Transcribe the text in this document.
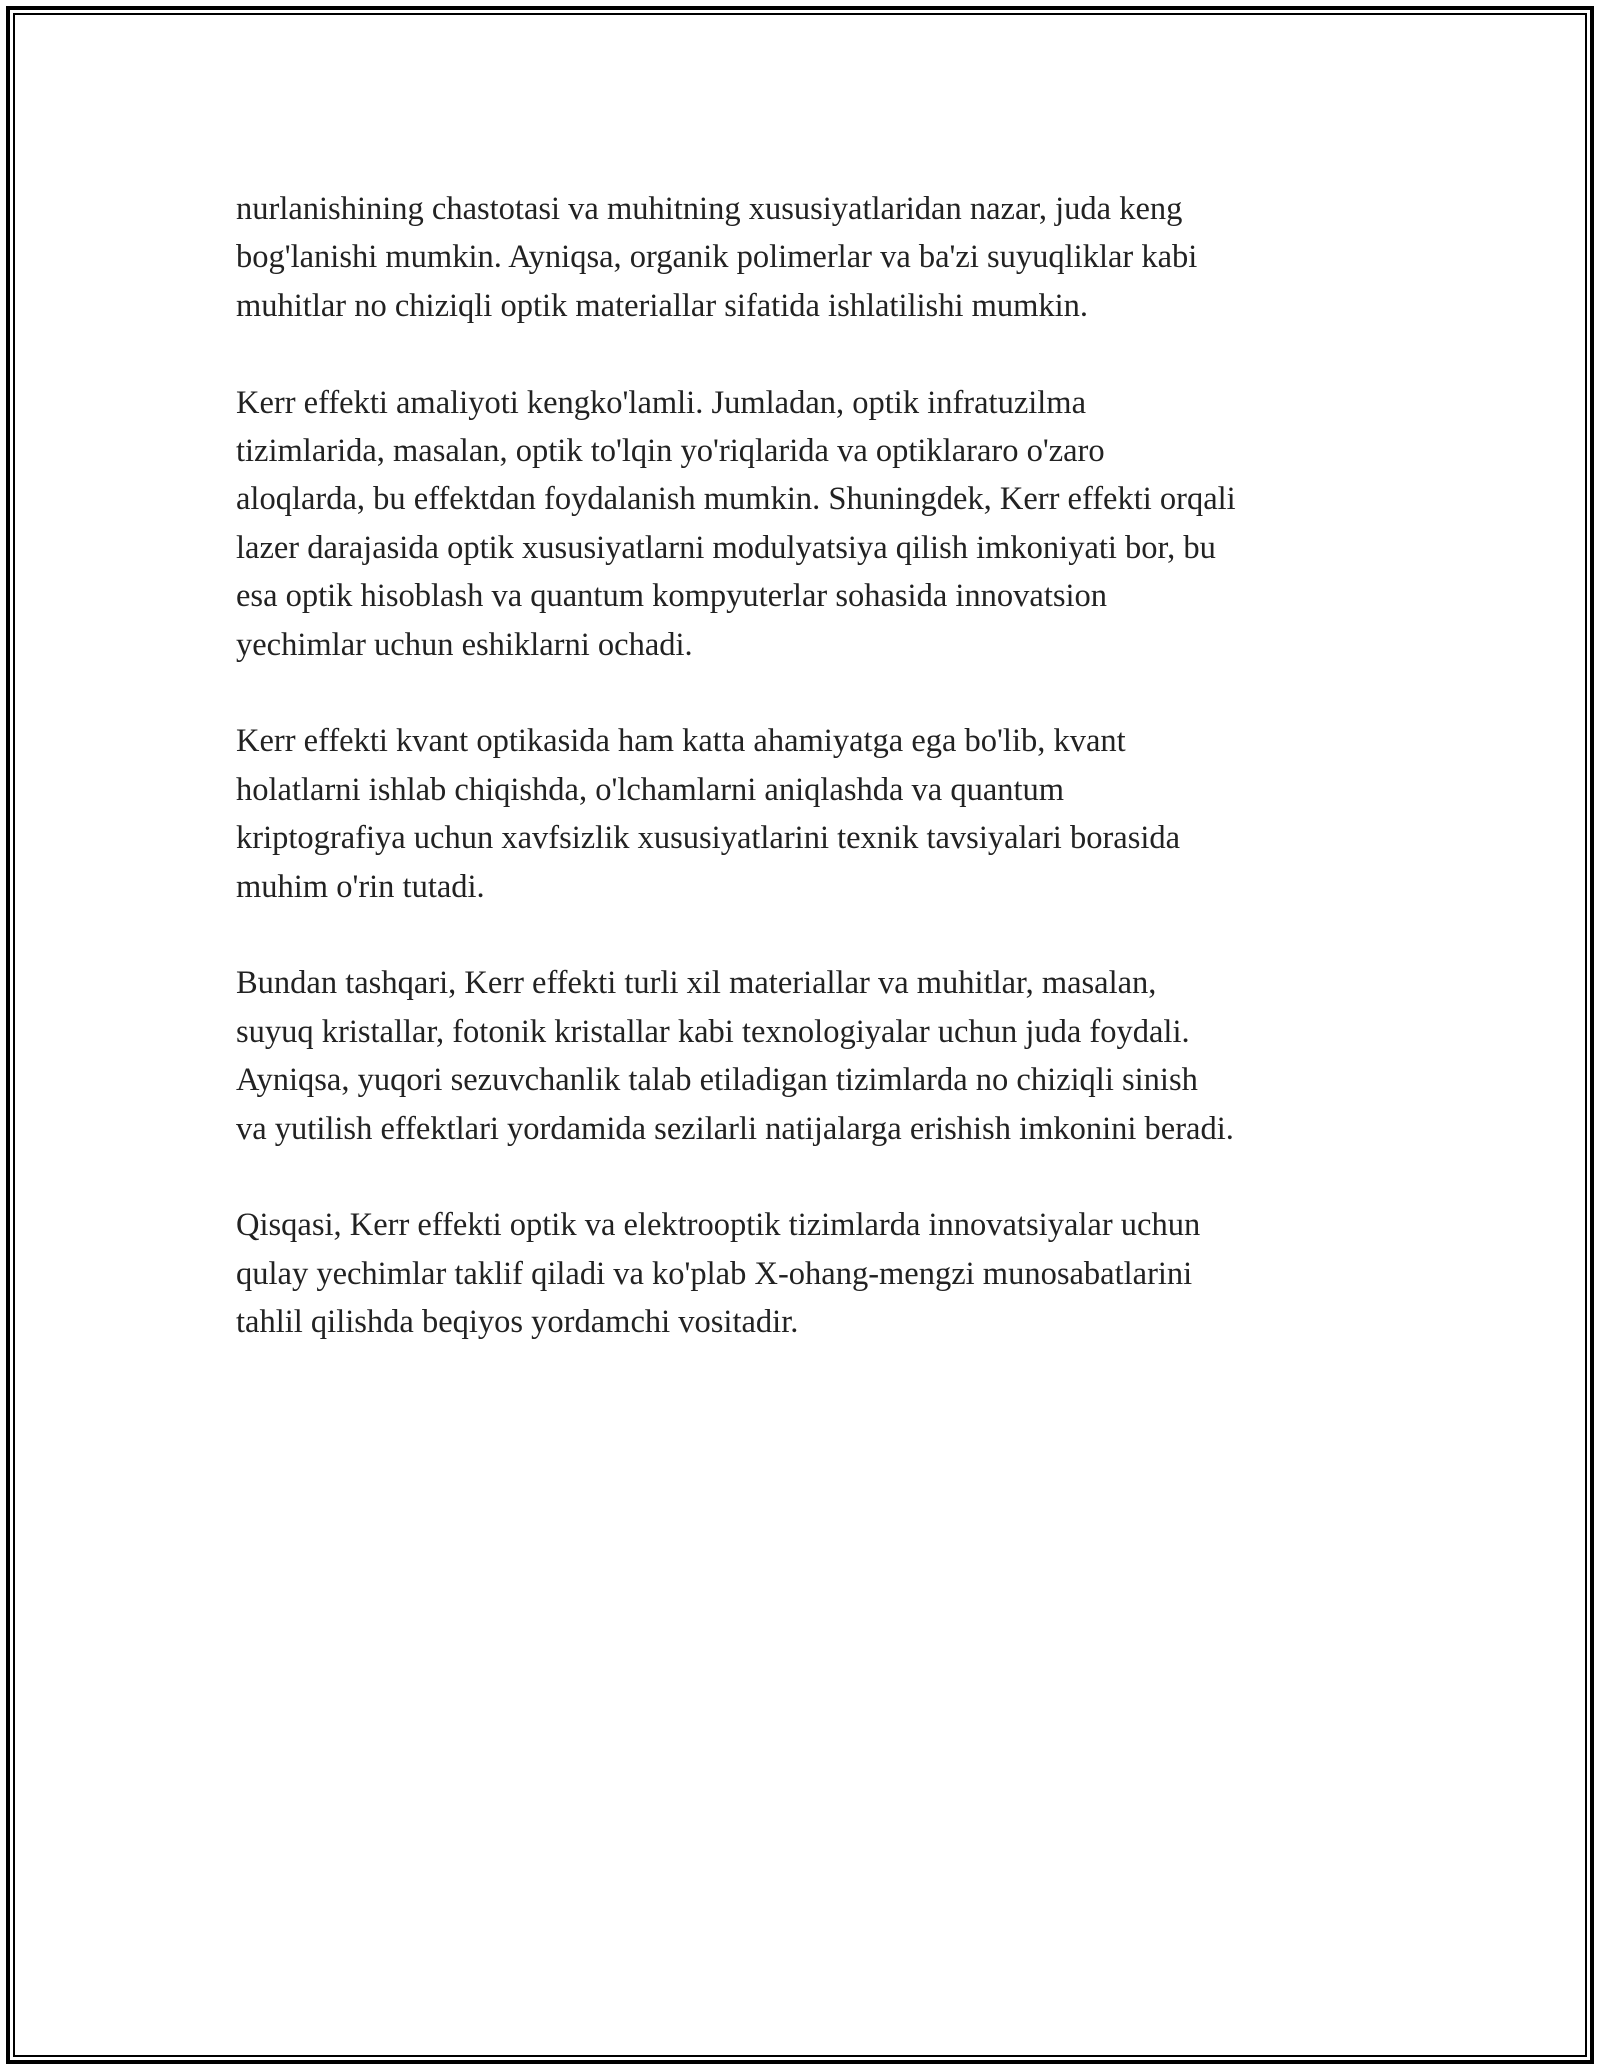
nurlanishining chastotasi va muhitning xususiyatlaridan nazar, juda keng
bog'lanishi mumkin. Ayniqsa, organik polimerlar va ba'zi suyuqliklar kabi
muhitlar no chiziqli optik materiallar sifatida ishlatilishi mumkin.

Kerr effekti amaliyoti kengko'lamli. Jumladan, optik infratuzilma
tizimlarida, masalan, optik to'lqin yo'riqlarida va optiklararo o'zaro
aloqlarda, bu effektdan foydalanish mumkin. Shuningdek, Kerr effekti orqali
lazer darajasida optik xususiyatlarni modulyatsiya qilish imkoniyati bor, bu
esa optik hisoblash va quantum kompyuterlar sohasida innovatsion
yechimlar uchun eshiklarni ochadi.

Kerr effekti kvant optikasida ham katta ahamiyatga ega bo'lib, kvant
holatlarni ishlab chiqishda, o'lchamlarni aniqlashda va quantum
kriptografiya uchun xavfsizlik xususiyatlarini texnik tavsiyalari borasida
muhim o'rin tutadi.

Bundan tashqari, Kerr effekti turli xil materiallar va muhitlar, masalan,
suyuq kristallar, fotonik kristallar kabi texnologiyalar uchun juda foydali.
Ayniqsa, yuqori sezuvchanlik talab etiladigan tizimlarda no chiziqli sinish
va yutilish effektlari yordamida sezilarli natijalarga erishish imkonini beradi.

Qisqasi, Kerr effekti optik va elektrooptik tizimlarda innovatsiyalar uchun
qulay yechimlar taklif qiladi va ko'plab X-ohang-mengzi munosabatlarini
tahlil qilishda beqiyos yordamchi vositadir.
